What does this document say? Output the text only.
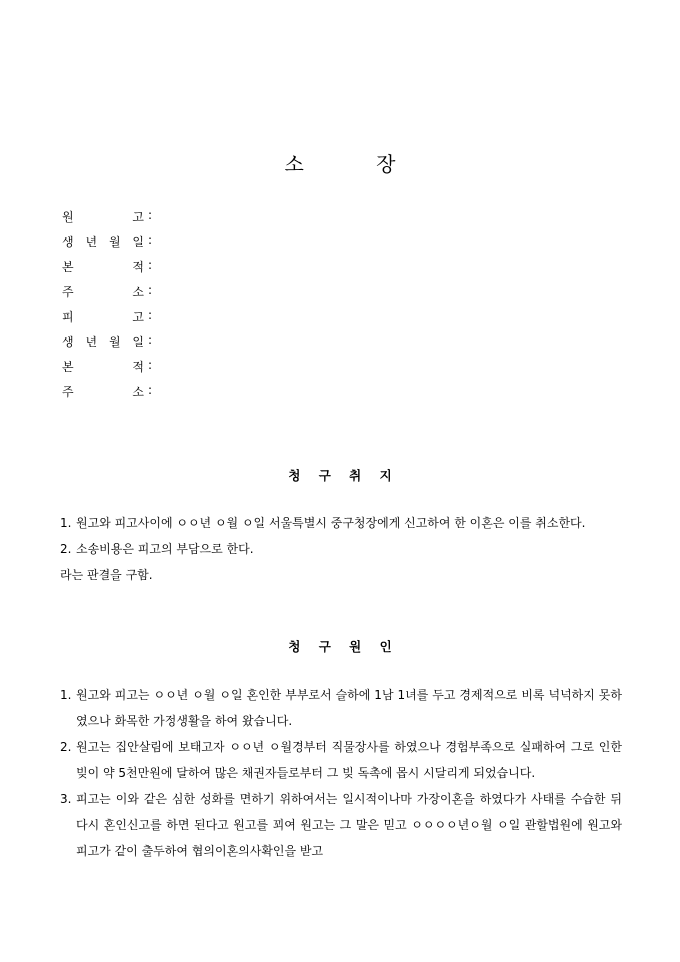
소 장
원	고 :
생 년 월 일 :
본	적 :
주	소 :
피	고 :
생 년 월 일 :
본	적 :
주	소 :
청 구 취 지
1. 원고와 피고사이에 ㅇㅇ년 ㅇ월 ㅇ일 서울특별시 중구청장에게 신고하여 한 이혼은 이를 취소한다.
2. 소송비용은 피고의 부담으로 한다.
라는 판결을 구함.
청 구 원 인
1. 원고와 피고는 ㅇㅇ년 ㅇ월 ㅇ일 혼인한 부부로서 슬하에 1남 1녀를 두고 경제적으로 비록 넉넉하지 못하였으나 화목한 가정생활을 하여 왔습니다.
2. 원고는 집안살림에 보태고자 ㅇㅇ년 ㅇ월경부터 직물장사를 하였으나 경험부족으로 실패하여 그로 인한 빚이 약 5천만원에 달하여 많은 채권자들로부터 그 빚 독촉에 몹시 시달리게 되었습니다.
3. 피고는 이와 같은 심한 성화를 면하기 위하여서는 일시적이나마 가장이혼을 하였다가 사태를 수습한 뒤 다시 혼인신고를 하면 된다고 원고를 꾀여 원고는 그 말은 믿고 ㅇㅇㅇㅇ년ㅇ월 ㅇ일 관할법원에 원고와 피고가 같이 출두하여 협의이혼의사확인을 받고
